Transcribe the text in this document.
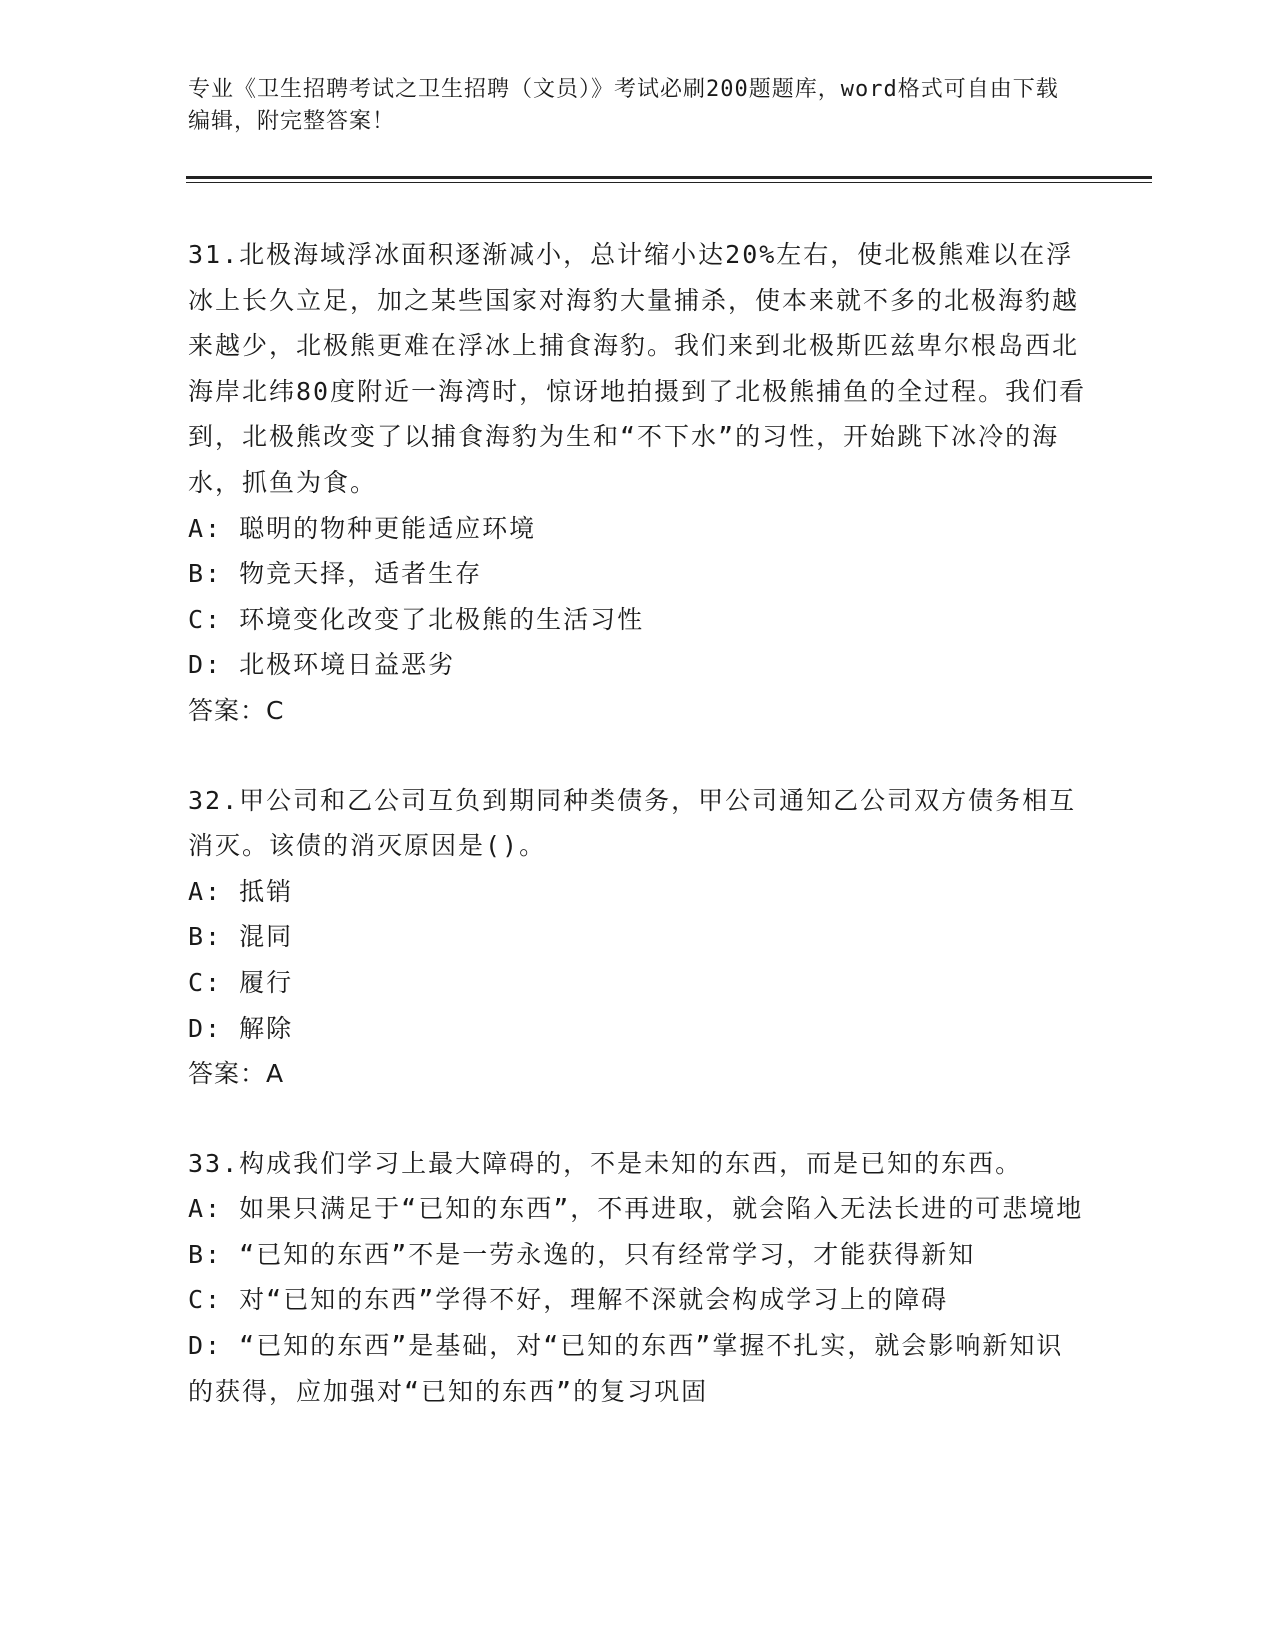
专业《卫生招聘考试之卫生招聘（文员）》考试必刷200题题库，word格式可自由下载编辑，附完整答案！

31.北极海域浮冰面积逐渐减小，总计缩小达20%左右，使北极熊难以在浮冰上长久立足，加之某些国家对海豹大量捕杀，使本来就不多的北极海豹越来越少，北极熊更难在浮冰上捕食海豹。我们来到北极斯匹兹卑尔根岛西北海岸北纬80度附近一海湾时，惊讶地拍摄到了北极熊捕鱼的全过程。我们看到，北极熊改变了以捕食海豹为生和“不下水”的习性，开始跳下冰冷的海水，抓鱼为食。

A: 聪明的物种更能适应环境

B: 物竞天择，适者生存

C: 环境变化改变了北极熊的生活习性

D: 北极环境日益恶劣

答案：C

32.甲公司和乙公司互负到期同种类债务，甲公司通知乙公司双方债务相互消灭。该债的消灭原因是()。

A: 抵销

B: 混同

C: 履行

D: 解除

答案：A

33.构成我们学习上最大障碍的，不是未知的东西，而是已知的东西。

A: 如果只满足于“已知的东西”，不再进取，就会陷入无法长进的可悲境地

B: “已知的东西”不是一劳永逸的，只有经常学习，才能获得新知

C: 对“已知的东西”学得不好，理解不深就会构成学习上的障碍

D: “已知的东西”是基础，对“已知的东西”掌握不扎实，就会影响新知识的获得，应加强对“已知的东西”的复习巩固
